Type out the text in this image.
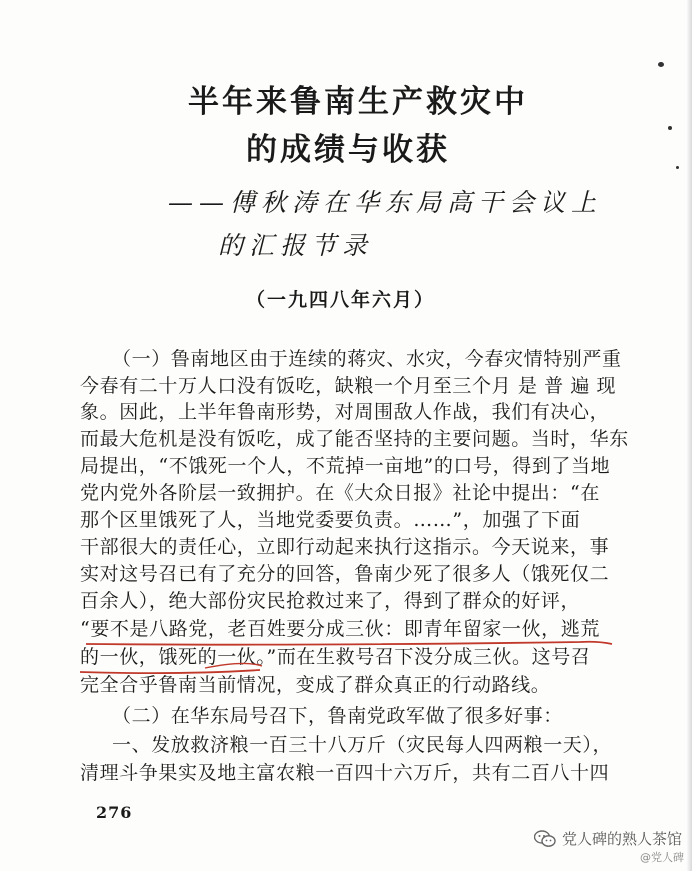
半年来鲁南生产救灾中
的成绩与收获
——傅秋涛在华东局高干会议上
的汇报节录
（一九四八年六月）
（一）鲁南地区由于连续的蒋灾、水灾，今春灾情特别严重
今春有二十万人口没有饭吃，缺粮一个月至三个月 是 普 遍 现
象。因此，上半年鲁南形势，对周围敌人作战，我们有决心，
而最大危机是没有饭吃，成了能否坚持的主要问题。当时，华东
局提出，“不饿死一个人，不荒掉一亩地”的口号，得到了当地
党内党外各阶层一致拥护。在《大众日报》社论中提出：“在
那个区里饿死了人，当地党委要负责。……”，加强了下面
干部很大的责任心，立即行动起来执行这指示。今天说来，事
实对这号召已有了充分的回答，鲁南少死了很多人（饿死仅二
百余人），绝大部份灾民抢救过来了，得到了群众的好评，
“要不是八路党，老百姓要分成三伙：即青年留家一伙，逃荒
的一伙，饿死的一伙。”而在生救号召下没分成三伙。这号召
完全合乎鲁南当前情况，变成了群众真正的行动路线。
（二）在华东局号召下，鲁南党政军做了很多好事：
一、发放救济粮一百三十八万斤（灾民每人四两粮一天），
清理斗争果实及地主富农粮一百四十六万斤，共有二百八十四
276
党人碑的熟人茶馆
@党人碑
